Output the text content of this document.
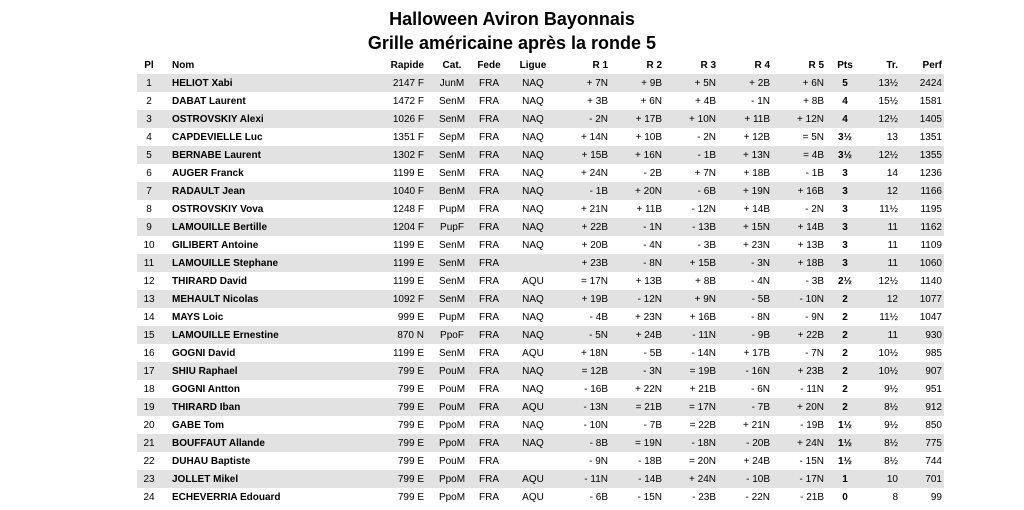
Halloween Aviron Bayonnais
Grille américaine après la ronde 5
Pl	Nom	Rapide	Cat.	Fede	Ligue	R 1	R 2	R 3	R 4	R 5	Pts	Tr.	Perf
1	HELIOT Xabi	2147 F	JunM	FRA	NAQ	+ 7N	+ 9B	+ 5N	+ 2B	+ 6N	5	13½	2424
2	DABAT Laurent	1472 F	SenM	FRA	NAQ	+ 3B	+ 6N	+ 4B	- 1N	+ 8B	4	15½	1581
3	OSTROVSKIY Alexi	1026 F	SenM	FRA	NAQ	- 2N	+ 17B	+ 10N	+ 11B	+ 12N	4	12½	1405
4	CAPDEVIELLE Luc	1351 F	SepM	FRA	NAQ	+ 14N	+ 10B	- 2N	+ 12B	= 5N	3½	13	1351
5	BERNABE Laurent	1302 F	SenM	FRA	NAQ	+ 15B	+ 16N	- 1B	+ 13N	= 4B	3½	12½	1355
6	AUGER Franck	1199 E	SenM	FRA	NAQ	+ 24N	- 2B	+ 7N	+ 18B	- 1B	3	14	1236
7	RADAULT Jean	1040 F	BenM	FRA	NAQ	- 1B	+ 20N	- 6B	+ 19N	+ 16B	3	12	1166
8	OSTROVSKIY Vova	1248 F	PupM	FRA	NAQ	+ 21N	+ 11B	- 12N	+ 14B	- 2N	3	11½	1195
9	LAMOUILLE Bertille	1204 F	PupF	FRA	NAQ	+ 22B	- 1N	- 13B	+ 15N	+ 14B	3	11	1162
10	GILIBERT Antoine	1199 E	SenM	FRA	NAQ	+ 20B	- 4N	- 3B	+ 23N	+ 13B	3	11	1109
11	LAMOUILLE Stephane	1199 E	SenM	FRA		+ 23B	- 8N	+ 15B	- 3N	+ 18B	3	11	1060
12	THIRARD David	1199 E	SenM	FRA	AQU	= 17N	+ 13B	+ 8B	- 4N	- 3B	2½	12½	1140
13	MEHAULT Nicolas	1092 F	SenM	FRA	NAQ	+ 19B	- 12N	+ 9N	- 5B	- 10N	2	12	1077
14	MAYS Loic	999 E	PupM	FRA	NAQ	- 4B	+ 23N	+ 16B	- 8N	- 9N	2	11½	1047
15	LAMOUILLE Ernestine	870 N	PpoF	FRA	NAQ	- 5N	+ 24B	- 11N	- 9B	+ 22B	2	11	930
16	GOGNI David	1199 E	SenM	FRA	AQU	+ 18N	- 5B	- 14N	+ 17B	- 7N	2	10½	985
17	SHIU Raphael	799 E	PouM	FRA	NAQ	= 12B	- 3N	= 19B	- 16N	+ 23B	2	10½	907
18	GOGNI Antton	799 E	PouM	FRA	NAQ	- 16B	+ 22N	+ 21B	- 6N	- 11N	2	9½	951
19	THIRARD Iban	799 E	PouM	FRA	AQU	- 13N	= 21B	= 17N	- 7B	+ 20N	2	8½	912
20	GABE Tom	799 E	PpoM	FRA	NAQ	- 10N	- 7B	= 22B	+ 21N	- 19B	1½	9½	850
21	BOUFFAUT Allande	799 E	PpoM	FRA	NAQ	- 8B	= 19N	- 18N	- 20B	+ 24N	1½	8½	775
22	DUHAU Baptiste	799 E	PouM	FRA		- 9N	- 18B	= 20N	+ 24B	- 15N	1½	8½	744
23	JOLLET Mikel	799 E	PpoM	FRA	AQU	- 11N	- 14B	+ 24N	- 10B	- 17N	1	10	701
24	ECHEVERRIA Edouard	799 E	PpoM	FRA	AQU	- 6B	- 15N	- 23B	- 22N	- 21B	0	8	99
